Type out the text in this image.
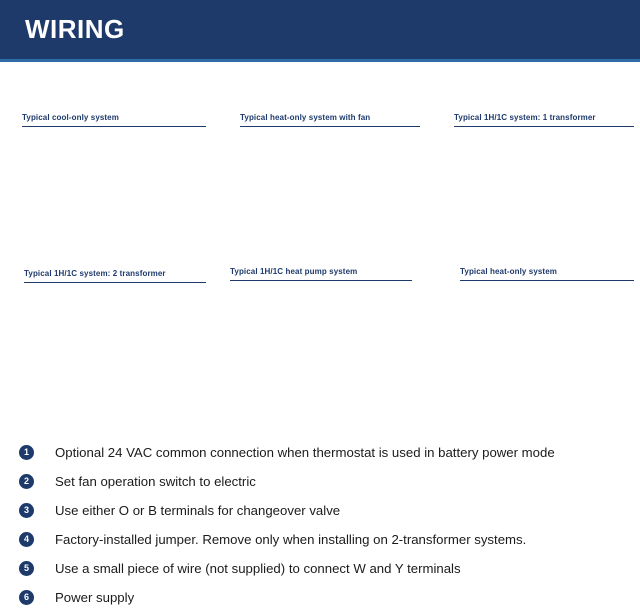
WIRING
Typical cool-only system	Typical heat-only system with fan	Typical 1H/1C system: 1 transformer
Typical 1H/1C system: 2 transformer	Typical 1H/1C heat pump system	Typical heat-only system
1	Optional 24 VAC common connection when thermostat is used in battery power mode
2	Set fan operation switch to electric
3	Use either O or B terminals for changeover valve
4	Factory-installed jumper. Remove only when installing on 2-transformer systems.
5	Use a small piece of wire (not supplied) to connect W and Y terminals
6	Power supply
